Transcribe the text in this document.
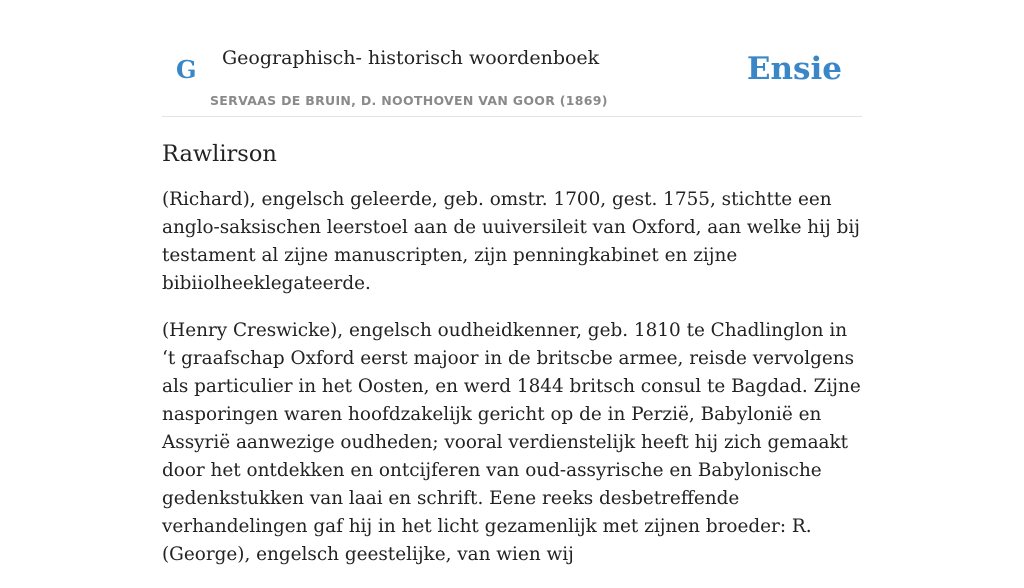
G Geographisch- historisch woordenboek
SERVAAS DE BRUIN, D. NOOTHOVEN VAN GOOR (1869)
Ensie
Rawlirson

(Richard), engelsch geleerde, geb. omstr. 1700, gest. 1755, stichtte een anglo-saksischen leerstoel aan de uuiversileit van Oxford, aan welke hij bij testament al zijne manuscripten, zijn penningkabinet en zijne bibiiolheeklegateerde.

(Henry Creswicke), engelsch oudheidkenner, geb. 1810 te Chadlinglon in ‘t graafschap Oxford eerst majoor in de britscbe armee, reisde vervolgens als particulier in het Oosten, en werd 1844 britsch consul te Bagdad. Zijne nasporingen waren hoofdzakelijk gericht op de in Perzië, Babylonië en Assyrië aanwezige oudheden; vooral verdienstelijk heeft hij zich gemaakt door het ontdekken en ontcijferen van oud-assyrische en Babylonische gedenkstukken van laai en schrift. Eene reeks desbetreffende verhandelingen gaf hij in het licht gezamenlijk met zijnen broeder: R. (George), engelsch geestelijke, van wien wij
